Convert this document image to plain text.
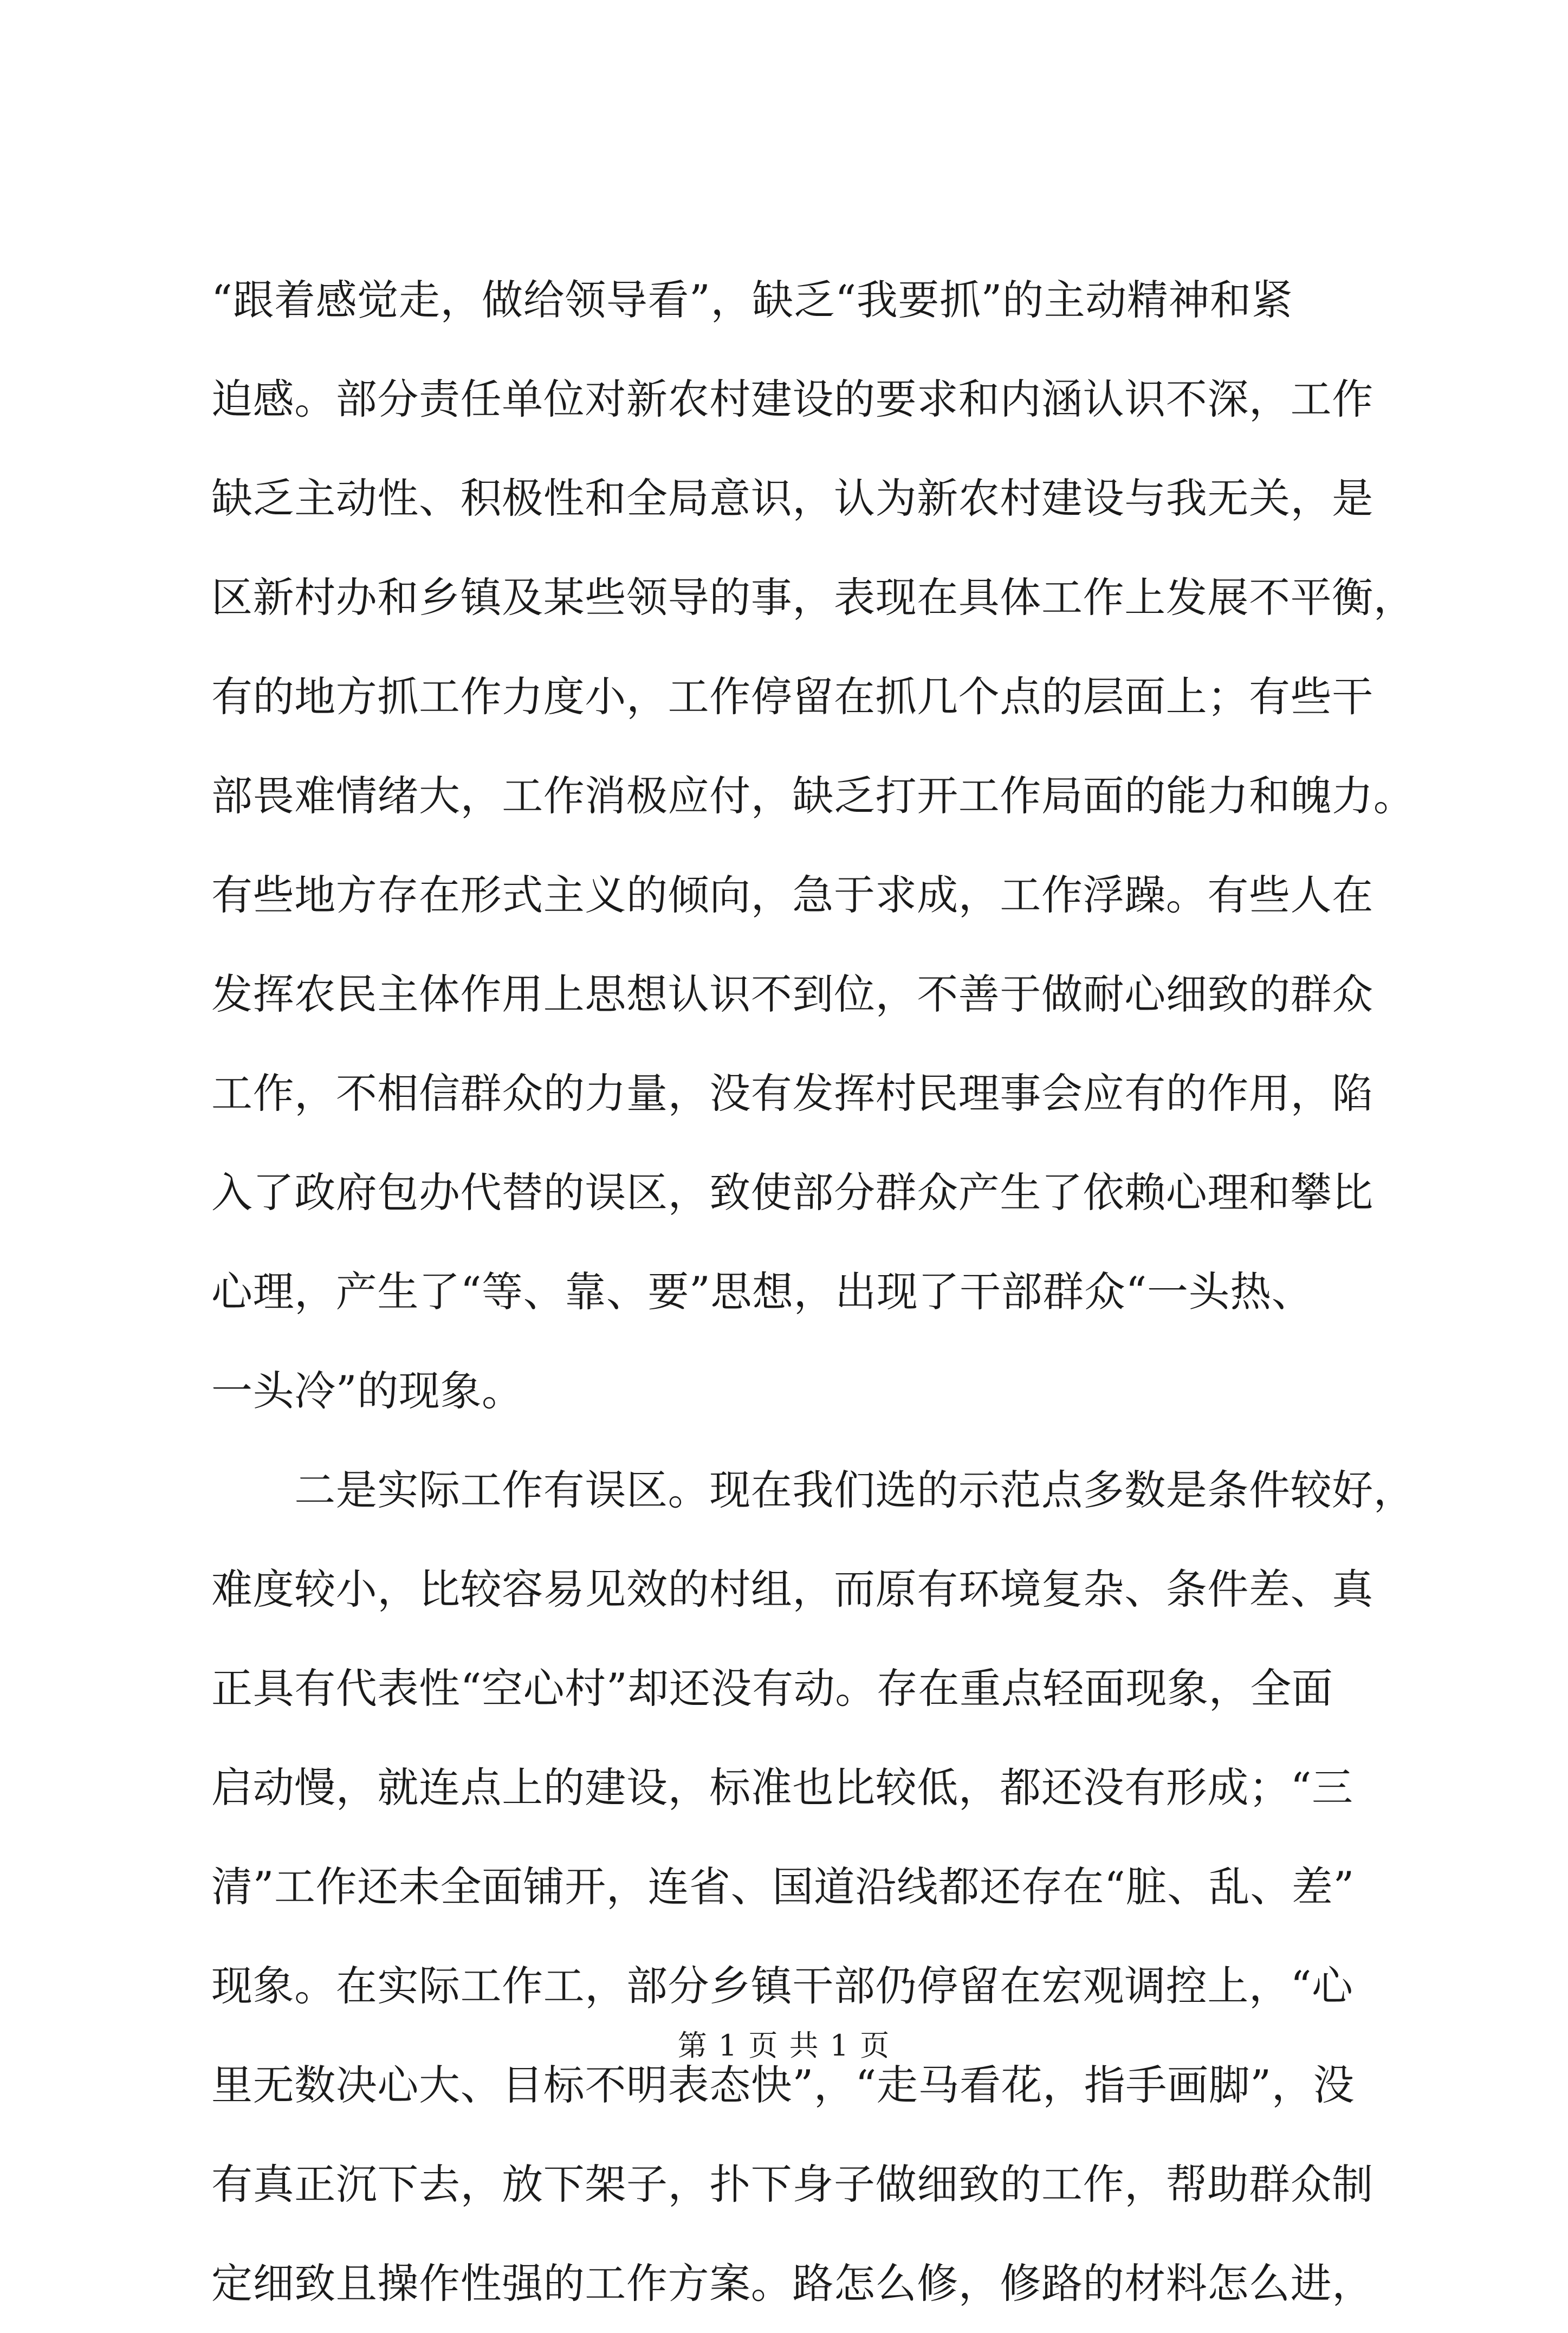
“跟着感觉走，做给领导看”，缺乏“我要抓”的主动精神和紧
迫感。部分责任单位对新农村建设的要求和内涵认识不深，工作
缺乏主动性、积极性和全局意识，认为新农村建设与我无关，是
区新村办和乡镇及某些领导的事，表现在具体工作上发展不平衡，
有的地方抓工作力度小，工作停留在抓几个点的层面上；有些干
部畏难情绪大，工作消极应付，缺乏打开工作局面的能力和魄力。
有些地方存在形式主义的倾向，急于求成，工作浮躁。有些人在
发挥农民主体作用上思想认识不到位，不善于做耐心细致的群众
工作，不相信群众的力量，没有发挥村民理事会应有的作用，陷
入了政府包办代替的误区，致使部分群众产生了依赖心理和攀比
心理，产生了“等、靠、要”思想，出现了干部群众“一头热、
一头冷”的现象。
　　二是实际工作有误区。现在我们选的示范点多数是条件较好，
难度较小，比较容易见效的村组，而原有环境复杂、条件差、真
正具有代表性“空心村”却还没有动。存在重点轻面现象，全面
启动慢，就连点上的建设，标准也比较低，都还没有形成；“三
清”工作还未全面铺开，连省、国道沿线都还存在“脏、乱、差”
现象。在实际工作工，部分乡镇干部仍停留在宏观调控上，“心
里无数决心大、目标不明表态快”，“走马看花，指手画脚”，没
有真正沉下去，放下架子，扑下身子做细致的工作，帮助群众制
定细致且操作性强的工作方案。路怎么修，修路的材料怎么进，
第 1 页 共 1 页
